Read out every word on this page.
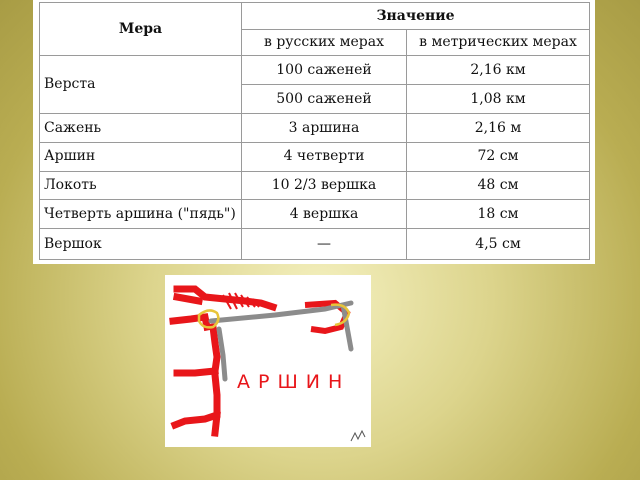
Мера	Значение	
	в русских мерах	в метрических мерах
Верста	100 саженей	2,16 км
	500 саженей	1,08 км
Сажень	3 аршина	2,16 м
Аршин	4 четверти	72 см
Локоть	10 2/3 вершка	48 см
Четверть аршина ("пядь")	4 вершка	18 см
Вершок	—	4,5 см
АРШИН
